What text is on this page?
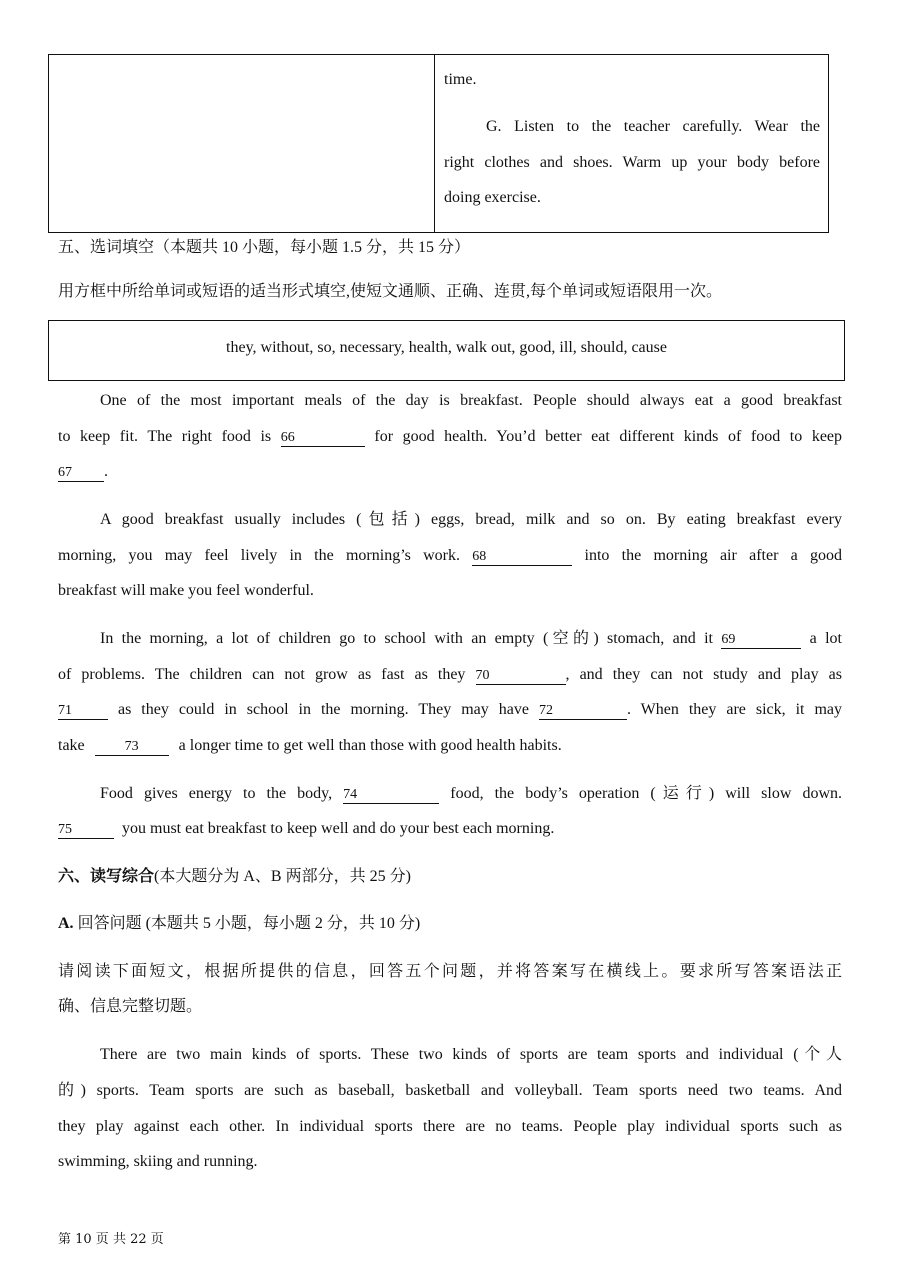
time.
G. Listen to the teacher carefully. Wear the
right clothes and shoes. Warm up your body before
doing exercise.
五、选词填空（本题共 10 小题，每小题 1.5 分，共 15 分）
用方框中所给单词或短语的适当形式填空,使短文通顺、正确、连贯,每个单词或短语限用一次。
they, without, so, necessary, health, walk out, good, ill, should, cause
One of the most important meals of the day is breakfast. People should always eat a good breakfast
to keep fit. The right food is 66	for good health. You’d better eat different kinds of food to keep
67 .
A good breakfast usually includes (包括) eggs, bread, milk and so on. By eating breakfast every
morning, you may feel lively in the morning’s work. 68	into the morning air after a good
breakfast will make you feel wonderful.
In the morning, a lot of children go to school with an empty (空的) stomach, and it 69	a lot
of problems. The children can not grow as fast as they 70	, and they can not study and play as
71	as they could in school in the morning. They may have 72	. When they are sick, it may
take	73	a longer time to get well than those with good health habits.
Food gives energy to the body, 74	food, the body’s operation (运行) will slow down.
75	you must eat breakfast to keep well and do your best each morning.
六、读写综合(本大题分为 A、B 两部分，共 25 分)
A. 回答问题 (本题共 5 小题，每小题 2 分，共 10 分)
请阅读下面短文，根据所提供的信息，回答五个问题，并将答案写在横线上。要求所写答案语法正
确、信息完整切题。
There are two main kinds of sports. These two kinds of sports are team sports and individual (个人
的) sports. Team sports are such as baseball, basketball and volleyball. Team sports need two teams. And
they play against each other. In individual sports there are no teams. People play individual sports such as
swimming, skiing and running.
第 10 页 共 22 页
